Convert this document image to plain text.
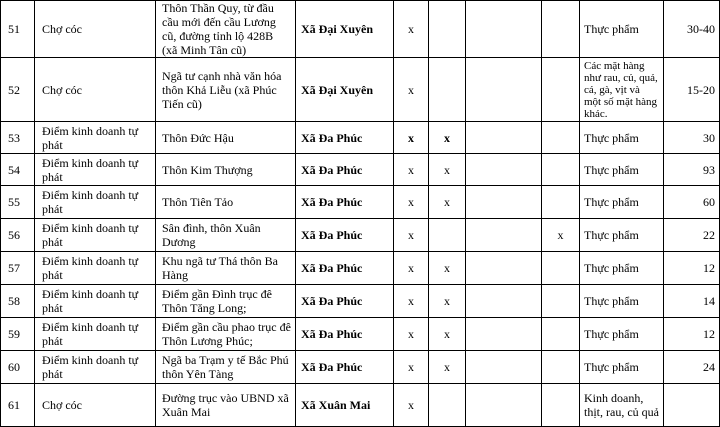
51	Chợ cóc	Thôn Thần Quy, từ đầu cầu mới đến cầu Lương cũ, đường tỉnh lộ 428B (xã Minh Tân cũ)	Xã Đại Xuyên	x				Thực phẩm	30-40
52	Chợ cóc	Ngã tư cạnh nhà văn hóa thôn Khả Liễu (xã Phúc Tiến cũ)	Xã Đại Xuyên	x				Các mặt hàng như rau, củ, quả, cá, gà, vịt và một số mặt hàng khác.	15-20
53	Điểm kinh doanh tự phát	Thôn Đức Hậu	Xã Đa Phúc	x	x			Thực phẩm	30
54	Điểm kinh doanh tự phát	Thôn Kim Thượng	Xã Đa Phúc	x	x			Thực phẩm	93
55	Điểm kinh doanh tự phát	Thôn Tiên Tảo	Xã Đa Phúc	x	x			Thực phẩm	60
56	Điểm kinh doanh tự phát	Sân đình, thôn Xuân Dương	Xã Đa Phúc	x			x	Thực phẩm	22
57	Điểm kinh doanh tự phát	Khu ngã tư Thá thôn Ba Hàng	Xã Đa Phúc	x	x			Thực phẩm	12
58	Điểm kinh doanh tự phát	Điểm gần Đình trục đê Thôn Tăng Long;	Xã Đa Phúc	x	x			Thực phẩm	14
59	Điểm kinh doanh tự phát	Điểm gần cầu phao trục đê Thôn Lương Phúc;	Xã Đa Phúc	x	x			Thực phẩm	12
60	Điểm kinh doanh tự phát	Ngã ba Trạm y tế Bắc Phú thôn Yên Tàng	Xã Đa Phúc	x	x			Thực phẩm	24
61	Chợ cóc	Đường trục vào UBND xã Xuân Mai	Xã Xuân Mai	x				Kinh doanh, thịt, rau, củ quả	
